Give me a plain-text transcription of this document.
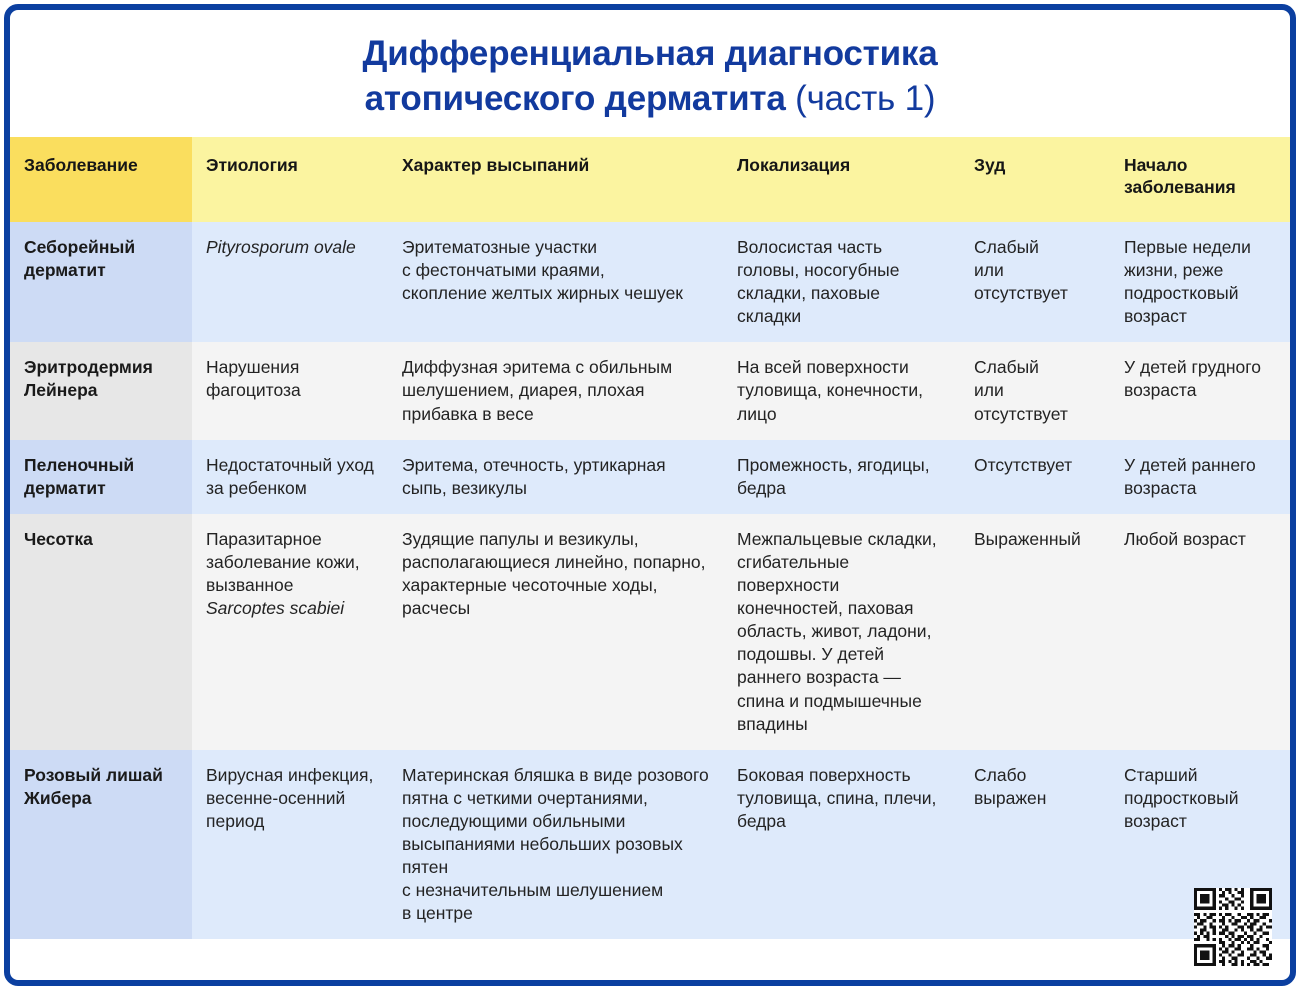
Дифференциальная диагностика
атопического дерматита (часть 1)
Заболевание	Этиология	Характер высыпаний	Локализация	Зуд	Начало
заболевания
Себорейный дерматит	Pityrosporum ovale	Эритематозные участки
с фестончатыми краями,
скопление желтых жирных чешуек	Волосистая часть головы, носогубные складки, паховые складки	Слабый
или
отсутствует	Первые недели жизни, реже подростковый возраст
Эритродермия Лейнера	Нарушения фагоцитоза	Диффузная эритема с обильным шелушением, диарея, плохая прибавка в весе	На всей поверхности туловища, конечности, лицо	Слабый
или
отсутствует	У детей грудного возраста
Пеленочный дерматит	Недостаточный уход за ребенком	Эритема, отечность, уртикарная сыпь, везикулы	Промежность, ягодицы, бедра	Отсутствует	У детей раннего возраста
Чесотка	Паразитарное заболевание кожи, вызванное Sarcoptes scabiei	Зудящие папулы и везикулы, располагающиеся линейно, попарно, характерные чесоточные ходы, расчесы	Межпальцевые складки, сгибательные поверхности конечностей, паховая область, живот, ладони, подошвы. У детей раннего возраста — спина и подмышечные впадины	Выраженный	Любой возраст
Розовый лишай Жибера	Вирусная инфекция, весенне-осенний период	Материнская бляшка в виде розового пятна с четкими очертаниями, последующими обильными высыпаниями небольших розовых пятен
с незначительным шелушением
в центре	Боковая поверхность туловища, спина, плечи, бедра	Слабо выражен	Старший подростковый возраст
